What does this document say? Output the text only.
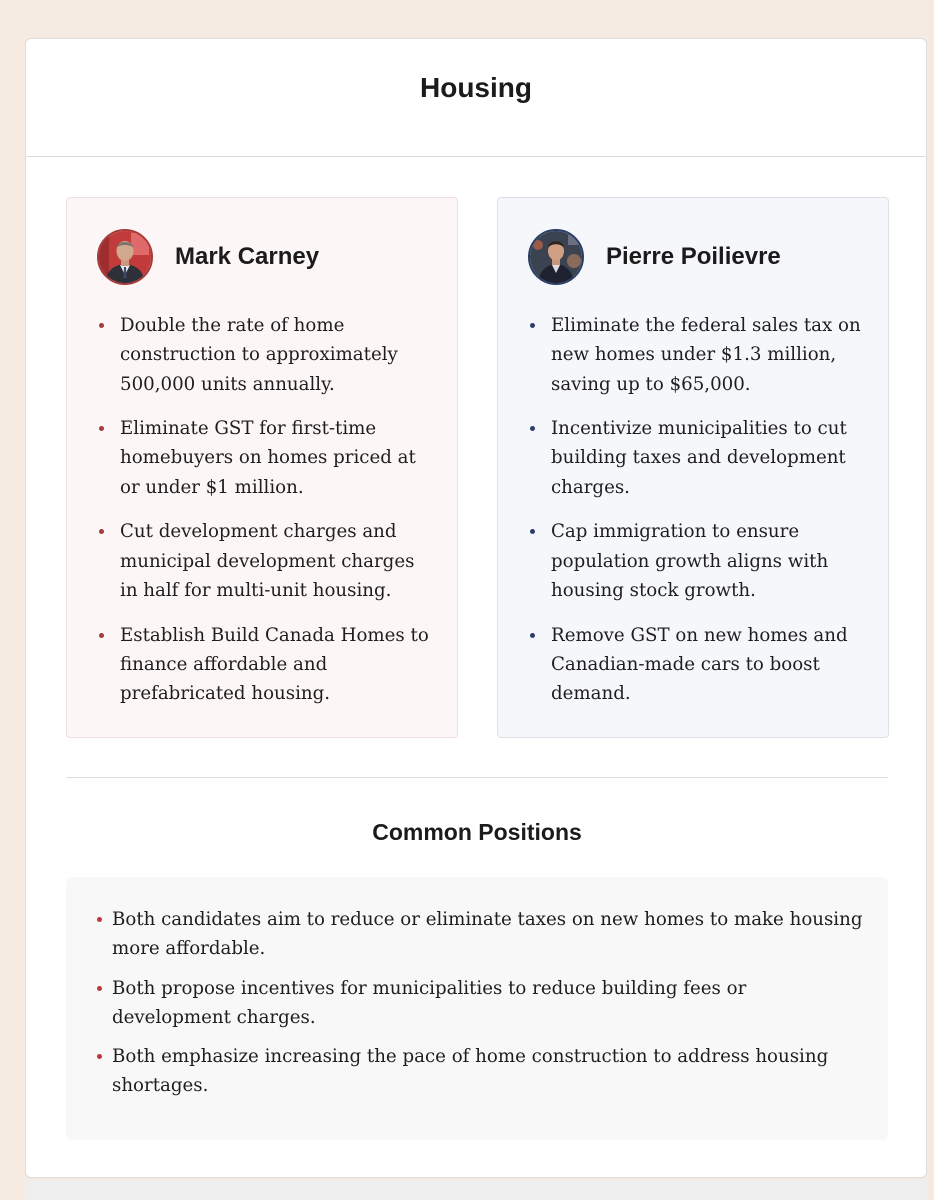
Housing
Mark Carney
Double the rate of home construction to approximately 500,000 units annually.
Eliminate GST for first-time homebuyers on homes priced at or under $1 million.
Cut development charges and municipal development charges in half for multi-unit housing.
Establish Build Canada Homes to finance affordable and prefabricated housing.
Pierre Poilievre
Eliminate the federal sales tax on new homes under $1.3 million, saving up to $65,000.
Incentivize municipalities to cut building taxes and development charges.
Cap immigration to ensure population growth aligns with housing stock growth.
Remove GST on new homes and Canadian-made cars to boost demand.
Common Positions
Both candidates aim to reduce or eliminate taxes on new homes to make housing more affordable.
Both propose incentives for municipalities to reduce building fees or development charges.
Both emphasize increasing the pace of home construction to address housing shortages.
